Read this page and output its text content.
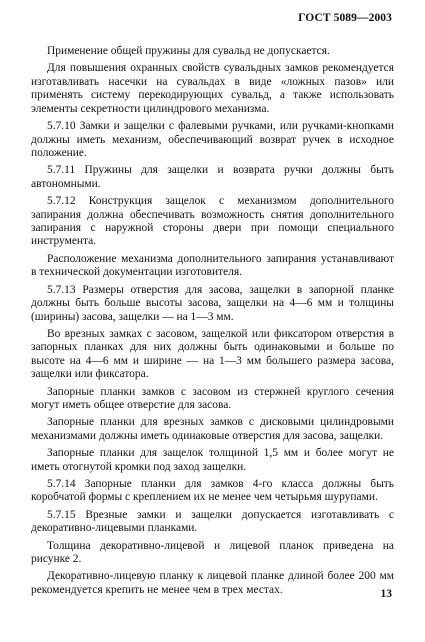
ГОСТ 5089—2003

Применение общей пружины для сувальд не допускается.

Для повышения охранных свойств сувальдных замков рекомендуется изготавливать насечки на сувальдах в виде «ложных пазов» или применять систему перекодирующих сувальд, а также использовать элементы секретности цилиндрового механизма.

5.7.10 Замки и защелки с фалевыми ручками, или ручками-кнопками должны иметь механизм, обеспечивающий возврат ручек в исходное положение.

5.7.11 Пружины для защелки и возврата ручки должны быть автономными.

5.7.12 Конструкция защелок с механизмом дополнительного запирания должна обеспечивать возможность снятия дополнительного запирания с наружной стороны двери при помощи специального инструмента.

Расположение механизма дополнительного запирания устанавливают в технической документации изготовителя.

5.7.13 Размеры отверстия для засова, защелки в запорной планке должны быть больше высоты засова, защелки на 4—6 мм и толщины (ширины) засова, защелки — на 1—3 мм.

Во врезных замках с засовом, защелкой или фиксатором отверстия в запорных планках для них должны быть одинаковыми и больше по высоте на 4—6 мм и ширине — на 1—3 мм большего размера засова, защелки или фиксатора.

Запорные планки замков с засовом из стержней круглого сечения могут иметь общее отверстие для засова.

Запорные планки для врезных замков с дисковыми цилиндровыми механизмами должны иметь одинаковые отверстия для засова, защелки.

Запорные планки для защелок толщиной 1,5 мм и более могут не иметь отогнутой кромки под заход защелки.

5.7.14 Запорные планки для замков 4-го класса должны быть коробчатой формы с креплением их не менее чем четырьмя шурупами.

5.7.15 Врезные замки и защелки допускается изготавливать с декоративно-лицевыми планками.

Толщина декоративно-лицевой и лицевой планок приведена на рисунке 2.

Декоративно-лицевую планку к лицевой планке длиной более 200 мм рекомендуется крепить не менее чем в трех местах.	13
